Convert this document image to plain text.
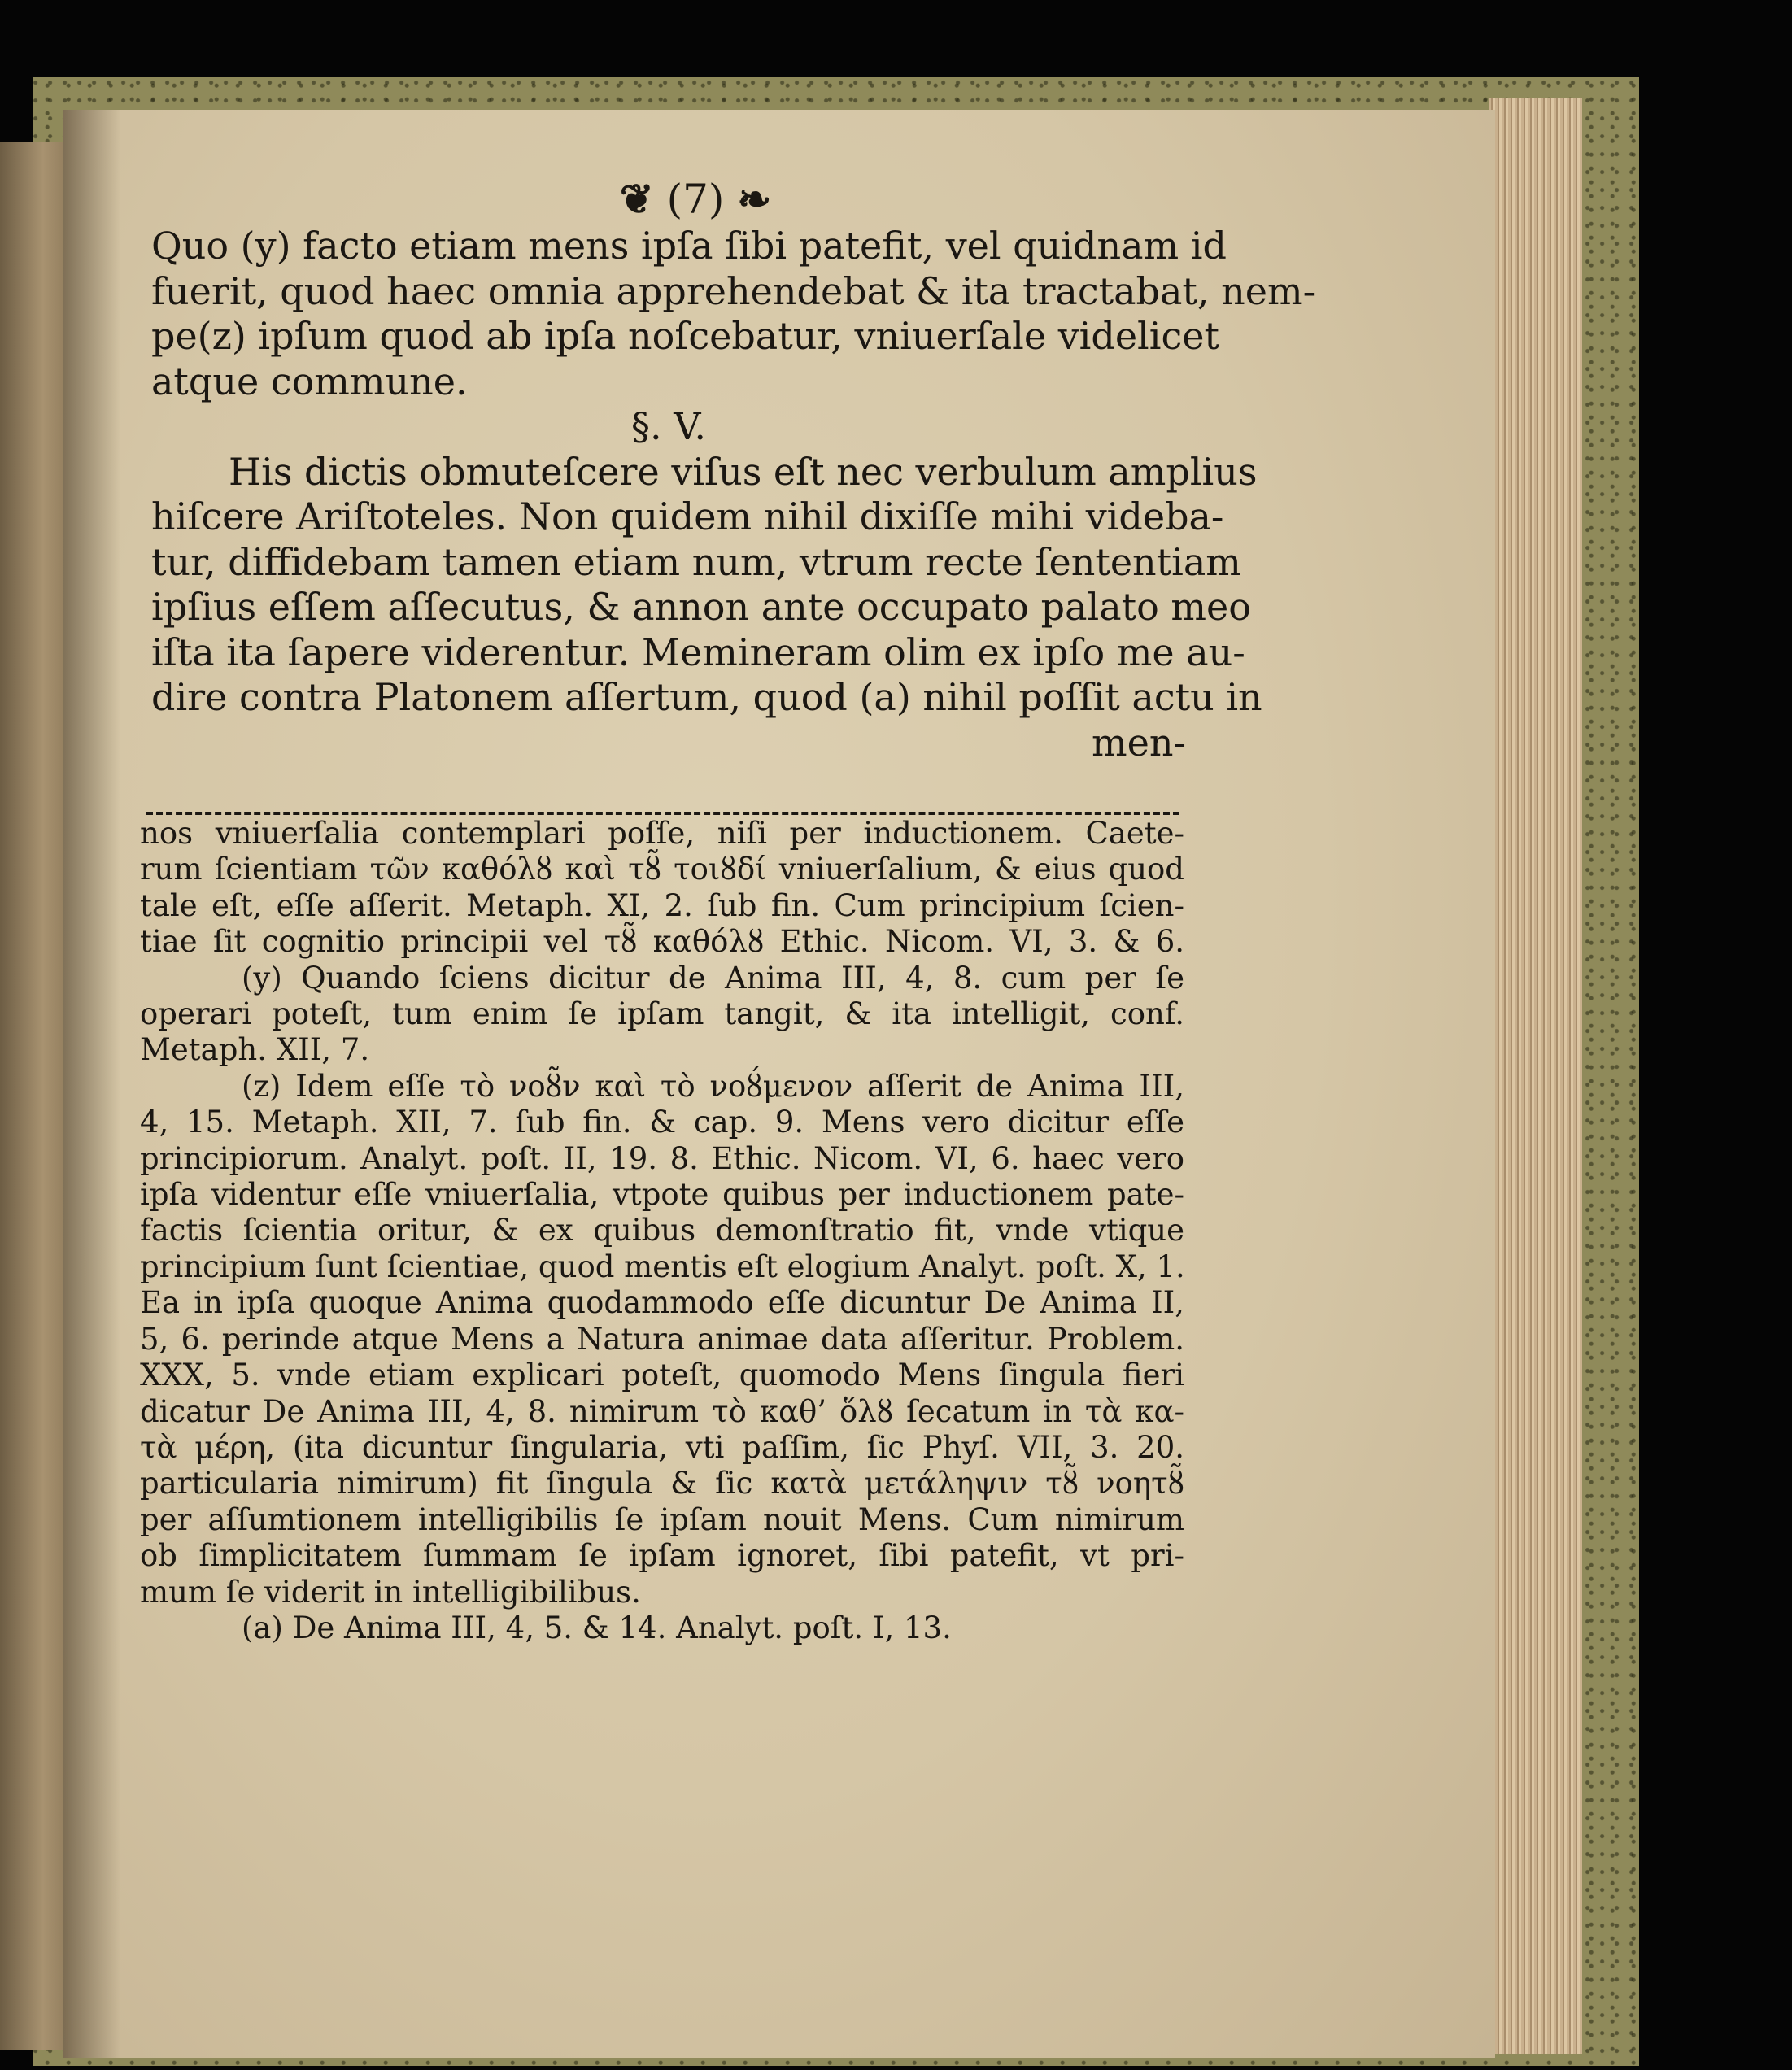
❦ (7) ❧
Quo (y) facto etiam mens ipſa ſibi patefit, vel quidnam id
fuerit, quod haec omnia apprehendebat & ita tractabat, nem-
pe(z) ipſum quod ab ipſa noſcebatur, vniuerſale videlicet
atque commune.
§. V.
His dictis obmuteſcere viſus eſt nec verbulum amplius
hiſcere Ariſtoteles. Non quidem nihil dixiſſe mihi videba-
tur, diffidebam tamen etiam num, vtrum recte ſententiam
ipſius eſſem aſſecutus, & annon ante occupato palato meo
iſta ita ſapere viderentur. Memineram olim ex ipſo me au-
dire contra Platonem aſſertum, quod (a) nihil poſſit actu in
men-
nos vniuerſalia contemplari poſſe, niſi per inductionem. Caete-
rum ſcientiam τῶν καθόλȣ καὶ τȣ̃ τοιȣδί vniuerſalium, & eius quod
tale eſt, eſſe aſſerit. Metaph. XI, 2. ſub fin. Cum principium ſcien-
tiae ſit cognitio principii vel τȣ̃ καθόλȣ Ethic. Nicom. VI, 3. & 6.
(y) Quando ſciens dicitur de Anima III, 4, 8. cum per ſe
operari poteſt, tum enim ſe ipſam tangit, & ita intelligit, conf.
Metaph. XII, 7.
(z) Idem eſſe τὸ νοȣ̃ν καὶ τὸ νοȣ́μενον aſſerit de Anima III,
4, 15. Metaph. XII, 7. ſub fin. & cap. 9. Mens vero dicitur eſſe
principiorum. Analyt. poſt. II, 19. 8. Ethic. Nicom. VI, 6. haec vero
ipſa videntur eſſe vniuerſalia, vtpote quibus per inductionem pate-
factis ſcientia oritur, & ex quibus demonſtratio fit, vnde vtique
principium ſunt ſcientiae, quod mentis eſt elogium Analyt. poſt. X, 1.
Ea in ipſa quoque Anima quodammodo eſſe dicuntur De Anima II,
5, 6. perinde atque Mens a Natura animae data aſſeritur. Problem.
XXX, 5. vnde etiam explicari poteſt, quomodo Mens ſingula fieri
dicatur De Anima III, 4, 8. nimirum τὸ καθ’ ὅλȣ ſecatum in τὰ κα-
τὰ μέρη, (ita dicuntur ſingularia, vti paſſim, ſic Phyſ. VII, 3. 20.
particularia nimirum) fit ſingula & ſic κατὰ μετάληψιν τȣ̃ νοητȣ̃
per aſſumtionem intelligibilis ſe ipſam nouit Mens. Cum nimirum
ob ſimplicitatem ſummam ſe ipſam ignoret, ſibi patefit, vt pri-
mum ſe viderit in intelligibilibus.
(a) De Anima III, 4, 5. & 14. Analyt. poſt. I, 13.
